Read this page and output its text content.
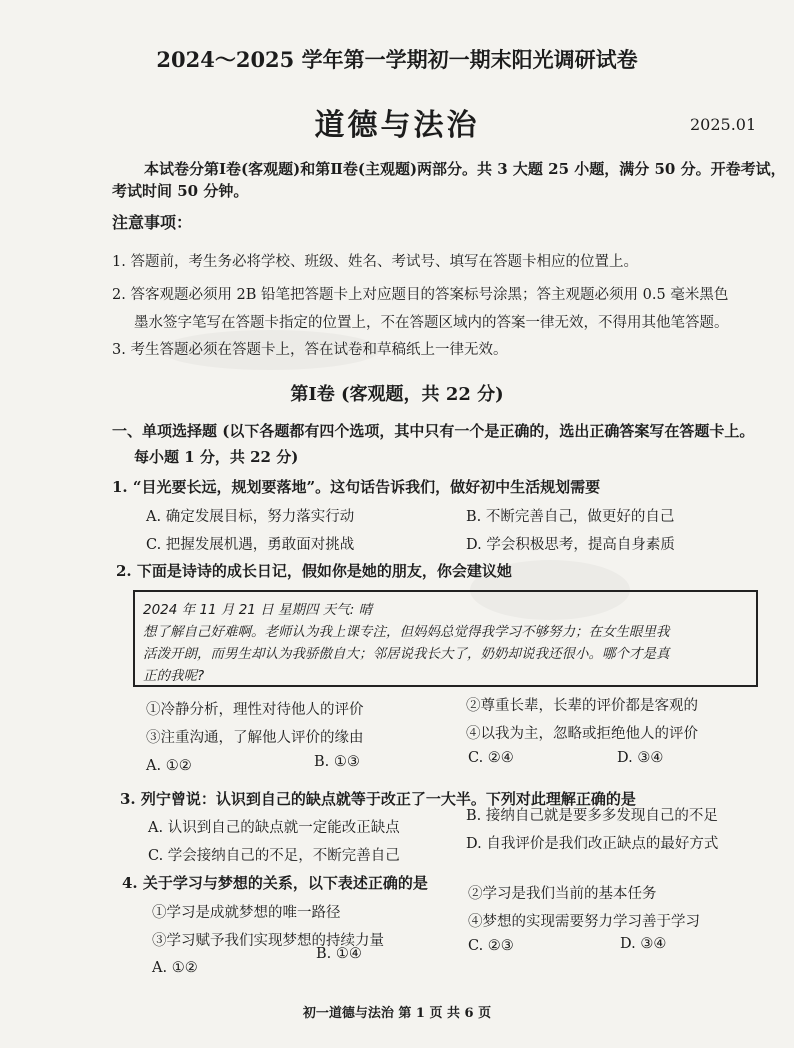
2024～2025 学年第一学期初一期末阳光调研试卷
道德与法治	2025.01
本试卷分第Ⅰ卷(客观题)和第Ⅱ卷(主观题)两部分。共 3 大题 25 小题，满分 50 分。开卷考试，
考试时间 50 分钟。
注意事项：
1. 答题前，考生务必将学校、班级、姓名、考试号、填写在答题卡相应的位置上。
2. 答客观题必须用 2B 铅笔把答题卡上对应题目的答案标号涂黑；答主观题必须用 0.5 毫米黑色
墨水签字笔写在答题卡指定的位置上，不在答题区域内的答案一律无效，不得用其他笔答题。
3. 考生答题必须在答题卡上，答在试卷和草稿纸上一律无效。
第Ⅰ卷 (客观题，共 22 分)
一、单项选择题 (以下各题都有四个选项，其中只有一个是正确的，选出正确答案写在答题卡上。
每小题 1 分，共 22 分)
1. “目光要长远，规划要落地”。这句话告诉我们，做好初中生活规划需要
A. 确定发展目标，努力落实行动	B. 不断完善自己，做更好的自己
C. 把握发展机遇，勇敢面对挑战	D. 学会积极思考，提高自身素质
2. 下面是诗诗的成长日记，假如你是她的朋友，你会建议她
2024 年 11 月 21 日 星期四 天气: 晴
想了解自己好难啊。老师认为我上课专注，但妈妈总觉得我学习不够努力；在女生眼里我
活泼开朗，而男生却认为我骄傲自大；邻居说我长大了，奶奶却说我还很小。哪个才是真
正的我呢?
①冷静分析，理性对待他人的评价	②尊重长辈，长辈的评价都是客观的
③注重沟通，了解他人评价的缘由	④以我为主，忽略或拒绝他人的评价
A. ①②	B. ①③	C. ②④	D. ③④
3. 列宁曾说：认识到自己的缺点就等于改正了一大半。下列对此理解正确的是
A. 认识到自己的缺点就一定能改正缺点
B. 接纳自己就是要多多发现自己的不足
C. 学会接纳自己的不足，不断完善自己
D. 自我评价是我们改正缺点的最好方式
4. 关于学习与梦想的关系，以下表述正确的是
①学习是成就梦想的唯一路径
②学习是我们当前的基本任务
③学习赋予我们实现梦想的持续力量
④梦想的实现需要努力学习善于学习
A. ①②
B. ①④	C. ②③	D. ③④
初一道德与法治 第 1 页 共 6 页
